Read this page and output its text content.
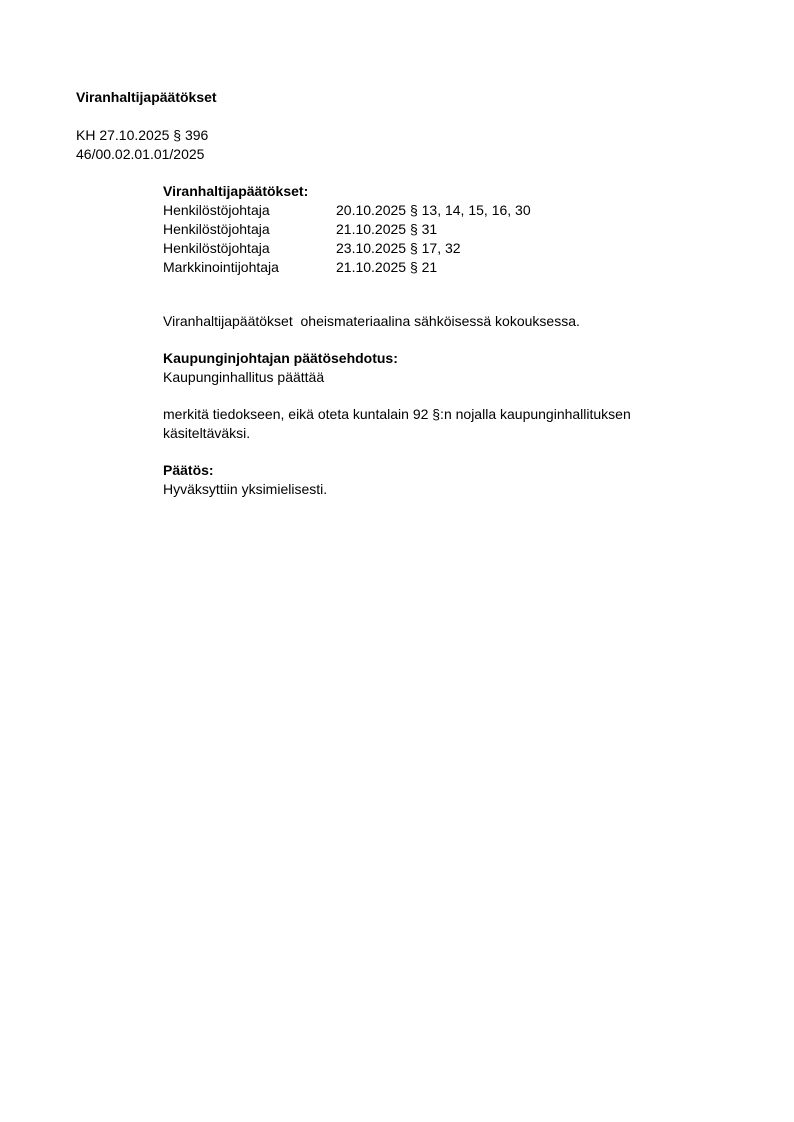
Viranhaltijapäätökset
KH 27.10.2025 § 396
46/00.02.01.01/2025
Viranhaltijapäätökset:
Henkilöstöjohtaja	20.10.2025 § 13, 14, 15, 16, 30
Henkilöstöjohtaja	21.10.2025 § 31
Henkilöstöjohtaja	23.10.2025 § 17, 32
Markkinointijohtaja	21.10.2025 § 21
Viranhaltijapäätökset  oheismateriaalina sähköisessä kokouksessa.
Kaupunginjohtajan päätösehdotus:
Kaupunginhallitus päättää
merkitä tiedokseen, eikä oteta kuntalain 92 §:n nojalla kaupunginhallituksen käsiteltäväksi.
Päätös:
Hyväksyttiin yksimielisesti.
